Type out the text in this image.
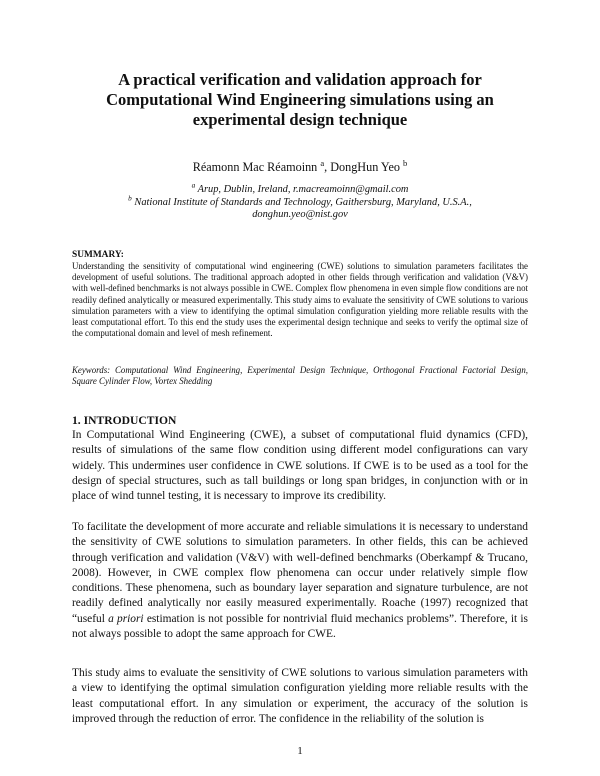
A practical verification and validation approach for
Computational Wind Engineering simulations using an
experimental design technique
Réamonn Mac Réamoinn $^a$, DongHun Yeo $^b$
$^a$ Arup, Dublin, Ireland, r.macreamoinn@gmail.com
$^b$ National Institute of Standards and Technology, Gaithersburg, Maryland, U.S.A.,
donghun.yeo@nist.gov
SUMMARY:
Understanding the sensitivity of computational wind engineering (CWE) solutions to simulation parameters facilitates the development of useful solutions. The traditional approach adopted in other fields through verification and validation (V&V) with well-defined benchmarks is not always possible in CWE. Complex flow phenomena in even simple flow conditions are not readily defined analytically or measured experimentally. This study aims to evaluate the sensitivity of CWE solutions to various simulation parameters with a view to identifying the optimal simulation configuration yielding more reliable results with the least computational effort. To this end the study uses the experimental design technique and seeks to verify the optimal size of the computational domain and level of mesh refinement.
Keywords: Computational Wind Engineering, Experimental Design Technique, Orthogonal Fractional Factorial Design, Square Cylinder Flow, Vortex Shedding
1. INTRODUCTION
In Computational Wind Engineering (CWE), a subset of computational fluid dynamics (CFD), results of simulations of the same flow condition using different model configurations can vary widely. This undermines user confidence in CWE solutions. If CWE is to be used as a tool for the design of special structures, such as tall buildings or long span bridges, in conjunction with or in place of wind tunnel testing, it is necessary to improve its credibility.
To facilitate the development of more accurate and reliable simulations it is necessary to understand the sensitivity of CWE solutions to simulation parameters. In other fields, this can be achieved through verification and validation (V&V) with well-defined benchmarks (Oberkampf & Trucano, 2008). However, in CWE complex flow phenomena can occur under relatively simple flow conditions. These phenomena, such as boundary layer separation and signature turbulence, are not readily defined analytically nor easily measured experimentally. Roache (1997) recognized that “useful a priori estimation is not possible for nontrivial fluid mechanics problems”. Therefore, it is not always possible to adopt the same approach for CWE.
This study aims to evaluate the sensitivity of CWE solutions to various simulation parameters with a view to identifying the optimal simulation configuration yielding more reliable results with the least computational effort. In any simulation or experiment, the accuracy of the solution is improved through the reduction of error. The confidence in the reliability of the solution is
1
